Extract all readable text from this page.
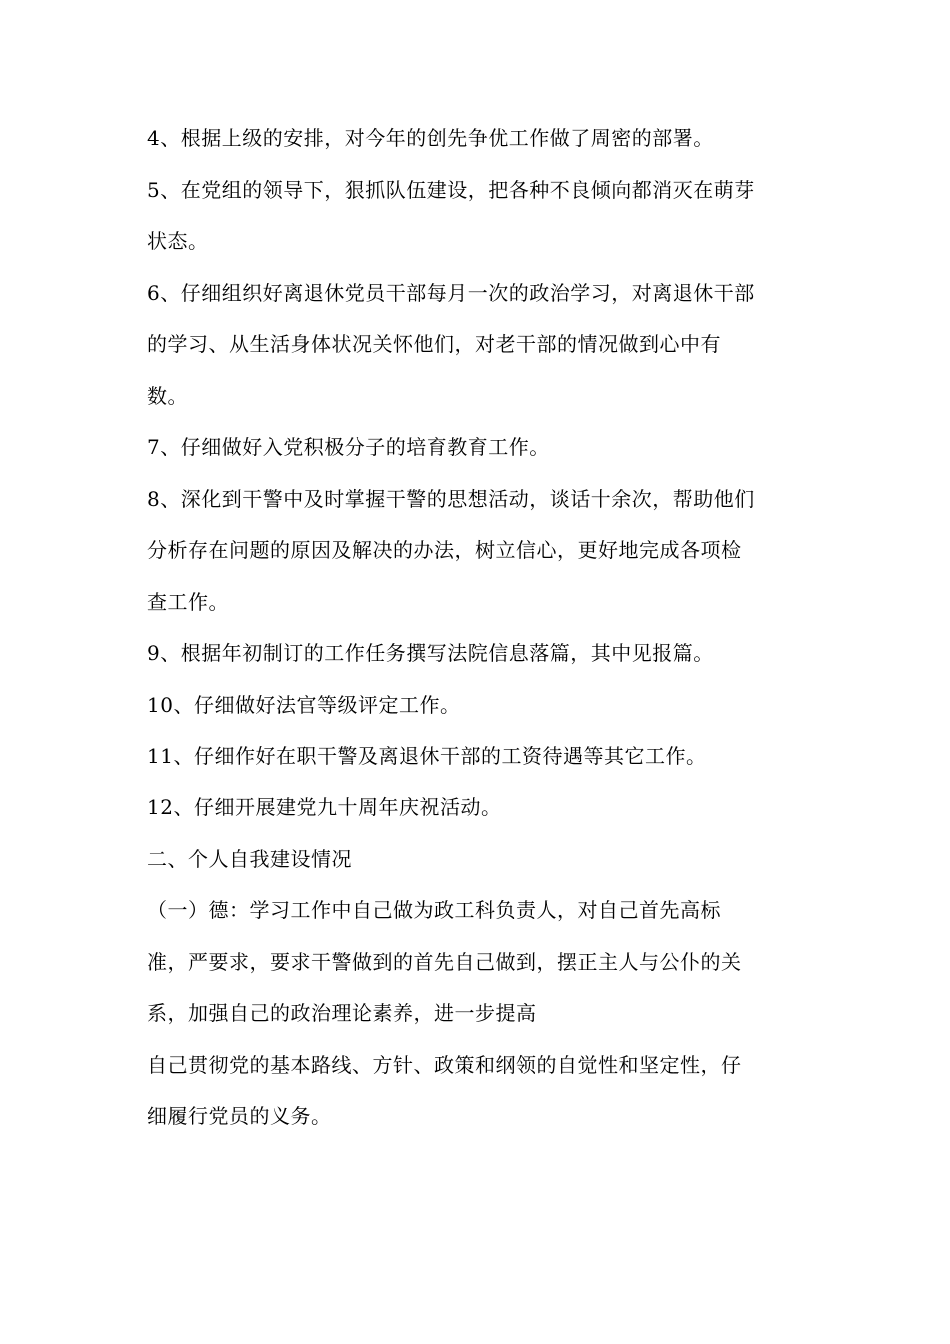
4、根据上级的安排，对今年的创先争优工作做了周密的部署。
5、在党组的领导下，狠抓队伍建设，把各种不良倾向都消灭在萌芽
状态。
6、仔细组织好离退休党员干部每月一次的政治学习，对离退休干部
的学习、从生活身体状况关怀他们，对老干部的情况做到心中有
数。
7、仔细做好入党积极分子的培育教育工作。
8、深化到干警中及时掌握干警的思想活动，谈话十余次，帮助他们
分析存在问题的原因及解决的办法，树立信心，更好地完成各项检
查工作。
9、根据年初制订的工作任务撰写法院信息落篇，其中见报篇。
10、仔细做好法官等级评定工作。
11、仔细作好在职干警及离退休干部的工资待遇等其它工作。
12、仔细开展建党九十周年庆祝活动。
二、个人自我建设情况
（一）德：学习工作中自己做为政工科负责人，对自己首先高标
准，严要求，要求干警做到的首先自己做到，摆正主人与公仆的关
系，加强自己的政治理论素养，进一步提高
自己贯彻党的基本路线、方针、政策和纲领的自觉性和坚定性，仔
细履行党员的义务。
